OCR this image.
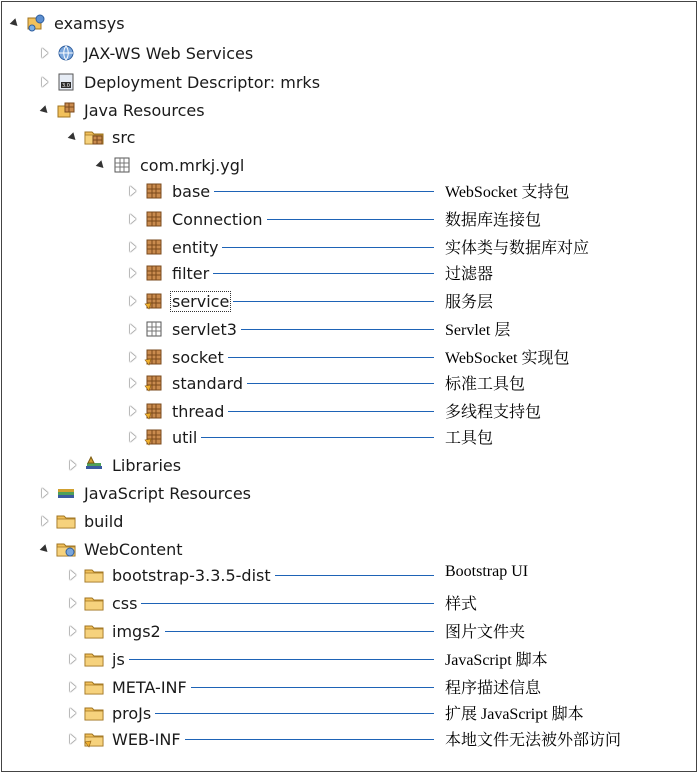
examsys
JAX-WS Web Services
3.0 Deployment Descriptor: mrks
Java Resources
src
com.mrkj.ygl
base
Connection
entity
filter
service
servlet3
socket
standard
thread
util
Libraries
JavaScript Resources
build
WebContent
bootstrap-3.3.5-dist
css
imgs2
js
META-INF
proJs
WEB-INF
WebSocket 支持包
数据库连接包
实体类与数据库对应
过滤器
服务层
Servlet 层
WebSocket 实现包
标准工具包
多线程支持包
工具包
Bootstrap UI
样式
图片文件夹
JavaScript 脚本
程序描述信息
扩展 JavaScript 脚本
本地文件无法被外部访问
